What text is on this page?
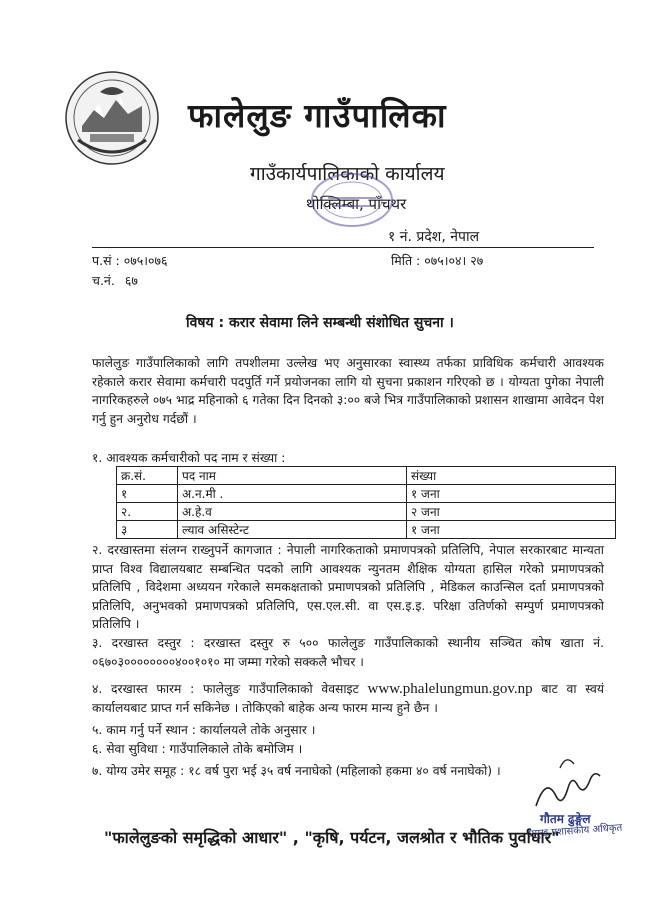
फालेलुङ गाउँपालिका
गाउँकार्यपालिकाको कार्यालय
थोक्लिम्बा, पाँचथर
१ नं. प्रदेश, नेपाल
प.सं : ०७५।०७६
च.नं. ६७
मिति : ०७५।०४। २७
विषय : करार सेवामा लिने सम्बन्धी संशोधित सुचना ।
फालेलुङ गाउँपालिकाको लागि तपशीलमा उल्लेख भए अनुसारका स्वास्थ्य तर्फका प्राविधिक कर्मचारी आवश्यक रहेकाले करार सेवामा कर्मचारी पदपुर्ति गर्ने प्रयोजनका लागि यो सुचना प्रकाशन गरिएको छ । योग्यता पुगेका नेपाली नागरिकहरुले ०७५ भाद्र महिनाको ६ गतेका दिन दिनको ३:०० बजे भित्र गाउँपालिकाको प्रशासन शाखामा आवेदन पेश गर्नु हुन अनुरोध गर्दछौं ।
१. आवश्यक कर्मचारीको पद नाम र संख्या :
क्र.सं.	पद नाम	संख्या
१	अ.न.मी .	१ जना
२.	अ.हे.व	२ जना
३	ल्याव असिस्टेन्ट	१ जना
२. दरखास्तमा संलग्न राख्नुपर्ने कागजात : नेपाली नागरिकताको प्रमाणपत्रको प्रतिलिपि, नेपाल सरकारबाट मान्यता प्राप्त विश्व विद्यालयबाट सम्बन्धित पदको लागि आवश्यक न्युनतम शैक्षिक योग्यता हासिल गरेको प्रमाणपत्रको प्रतिलिपि , विदेशमा अध्ययन गरेकाले समकक्षताको प्रमाणपत्रको प्रतिलिपि , मेडिकल काउन्सिल दर्ता प्रमाणपत्रको प्रतिलिपि, अनुभवको प्रमाणपत्रको प्रतिलिपि, एस.एल.सी. वा एस.इ.इ. परिक्षा उतिर्णको सम्पुर्ण प्रमाणपत्रको प्रतिलिपि ।
३. दरखास्त दस्तुर : दरखास्त दस्तुर रु ५०० फालेलुङ गाउँपालिकाको स्थानीय सञ्चित कोष खाता नं. ०६७०३००००००००४००१०१० मा जम्मा गरेको सक्कलै भौचर ।
४. दरखास्त फारम : फालेलुङ गाउँपालिकाको वेवसाइट www.phalelungmun.gov.np बाट वा स्वयं कार्यालयबाट प्राप्त गर्न सकिनेछ । तोकिएको बाहेक अन्य फारम मान्य हुने छैन ।
५. काम गर्नु पर्ने स्थान : कार्यालयले तोके अनुसार ।
६. सेवा सुविधा : गाउँपालिकाले तोके बमोजिम ।
७. योग्य उमेर समूह : १८ वर्ष पुरा भई ३५ वर्ष ननाघेको (महिलाको हकमा ४० वर्ष ननाघेको) ।
गौतम ढुङ्गेल
प्रमुख प्रशासकीय अधिकृत
"फालेलुङको समृद्धिको आधार" , "कृषि, पर्यटन, जलश्रोत र भौतिक पुर्वाधार"
